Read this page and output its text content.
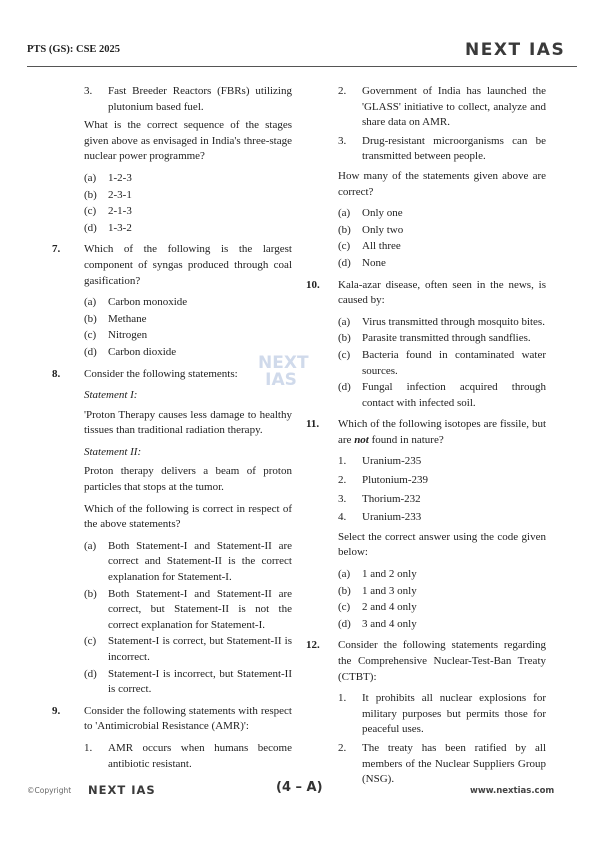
PTS (GS): CSE 2025	NEXT IAS
NEXT IAS
3. Fast Breeder Reactors (FBRs) utilizing plutonium based fuel.

What is the correct sequence of the stages given above as envisaged in India's three-stage nuclear power programme?

(a) 1-2-3
(b) 2-3-1
(c) 2-1-3
(d) 1-3-2
7. Which of the following is the largest component of syngas produced through coal gasification?

(a) Carbon monoxide
(b) Methane
(c) Nitrogen
(d) Carbon dioxide
8. Consider the following statements:

Statement I:

'Proton Therapy causes less damage to healthy tissues than traditional radiation therapy.

Statement II:

Proton therapy delivers a beam of proton particles that stops at the tumor.

Which of the following is correct in respect of the above statements?

(a) Both Statement-I and Statement-II are correct and Statement-II is the correct explanation for Statement-I.
(b) Both Statement-I and Statement-II are correct, but Statement-II is not the correct explanation for Statement-I.
(c) Statement-I is correct, but Statement-II is incorrect.
(d) Statement-I is incorrect, but Statement-II is correct.
9. Consider the following statements with respect to 'Antimicrobial Resistance (AMR)':

1. AMR occurs when humans become antibiotic resistant.
2. Government of India has launched the 'GLASS' initiative to collect, analyze and share data on AMR.
3. Drug-resistant microorganisms can be transmitted between people.

How many of the statements given above are correct?

(a) Only one
(b) Only two
(c) All three
(d) None
10. Kala-azar disease, often seen in the news, is caused by:

(a) Virus transmitted through mosquito bites.
(b) Parasite transmitted through sandflies.
(c) Bacteria found in contaminated water sources.
(d) Fungal infection acquired through contact with infected soil.
11. Which of the following isotopes are fissile, but are not found in nature?

1. Uranium-235
2. Plutonium-239
3. Thorium-232
4. Uranium-233

Select the correct answer using the code given below:

(a) 1 and 2 only
(b) 1 and 3 only
(c) 2 and 4 only
(d) 3 and 4 only
12. Consider the following statements regarding the Comprehensive Nuclear-Test-Ban Treaty (CTBT):

1. It prohibits all nuclear explosions for military purposes but permits those for peaceful uses.
2. The treaty has been ratified by all members of the Nuclear Suppliers Group (NSG).
©Copyright NEXT IAS	(4 – A)	www.nextias.com
